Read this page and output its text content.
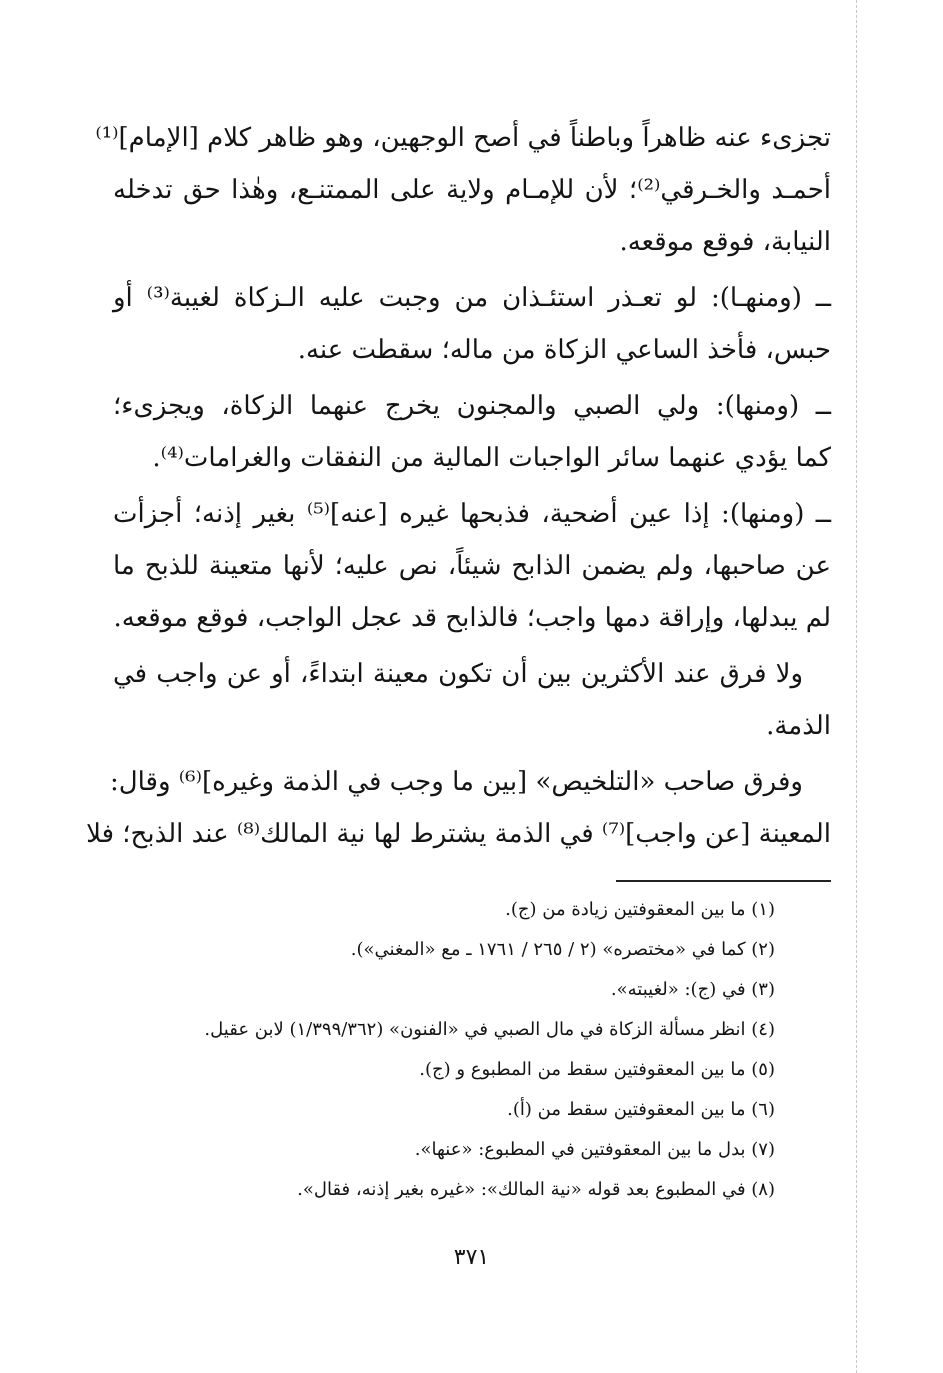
تجزىء عنه ظاهراً وباطناً في أصح الوجهين، وهو ظاهر كلام [الإمام]⁽¹⁾
أحمـد والخـرقي⁽²⁾؛ لأن للإمـام ولاية على الممتنـع، وهٰذا حق تدخله
النيابة، فوقع موقعه.
ــ (ومنهـا): لو تعـذر استئـذان من وجبت عليه الـزكاة لغيبة⁽³⁾ أو
حبس، فأخذ الساعي الزكاة من ماله؛ سقطت عنه.
ــ (ومنها): ولي الصبي والمجنون يخرج عنهما الزكاة، ويجزىء؛
كما يؤدي عنهما سائر الواجبات المالية من النفقات والغرامات⁽⁴⁾.
ــ (ومنها): إذا عين أضحية، فذبحها غيره [عنه]⁽⁵⁾ بغير إذنه؛ أجزأت
عن صاحبها، ولم يضمن الذابح شيئاً، نص عليه؛ لأنها متعينة للذبح ما
لم يبدلها، وإراقة دمها واجب؛ فالذابح قد عجل الواجب، فوقع موقعه.
ولا فرق عند الأكثرين بين أن تكون معينة ابتداءً، أو عن واجب في
الذمة.
وفرق صاحب «التلخيص» [بين ما وجب في الذمة وغيره]⁽⁶⁾ وقال:
المعينة [عن واجب]⁽⁷⁾ في الذمة يشترط لها نية المالك⁽⁸⁾ عند الذبح؛ فلا
(١) ما بين المعقوفتين زيادة من (ج).
(٢) كما في «مختصره» (٢ / ٢٦٥ / ١٧٦١ ـ مع «المغني»).
(٣) في (ج): «لغيبته».
(٤) انظر مسألة الزكاة في مال الصبي في «الفنون» (١/٣٩٩/٣٦٢) لابن عقيل.
(٥) ما بين المعقوفتين سقط من المطبوع و (ج).
(٦) ما بين المعقوفتين سقط من (أ).
(٧) بدل ما بين المعقوفتين في المطبوع: «عنها».
(٨) في المطبوع بعد قوله «نية المالك»: «غيره بغير إذنه، فقال».
٣٧١
